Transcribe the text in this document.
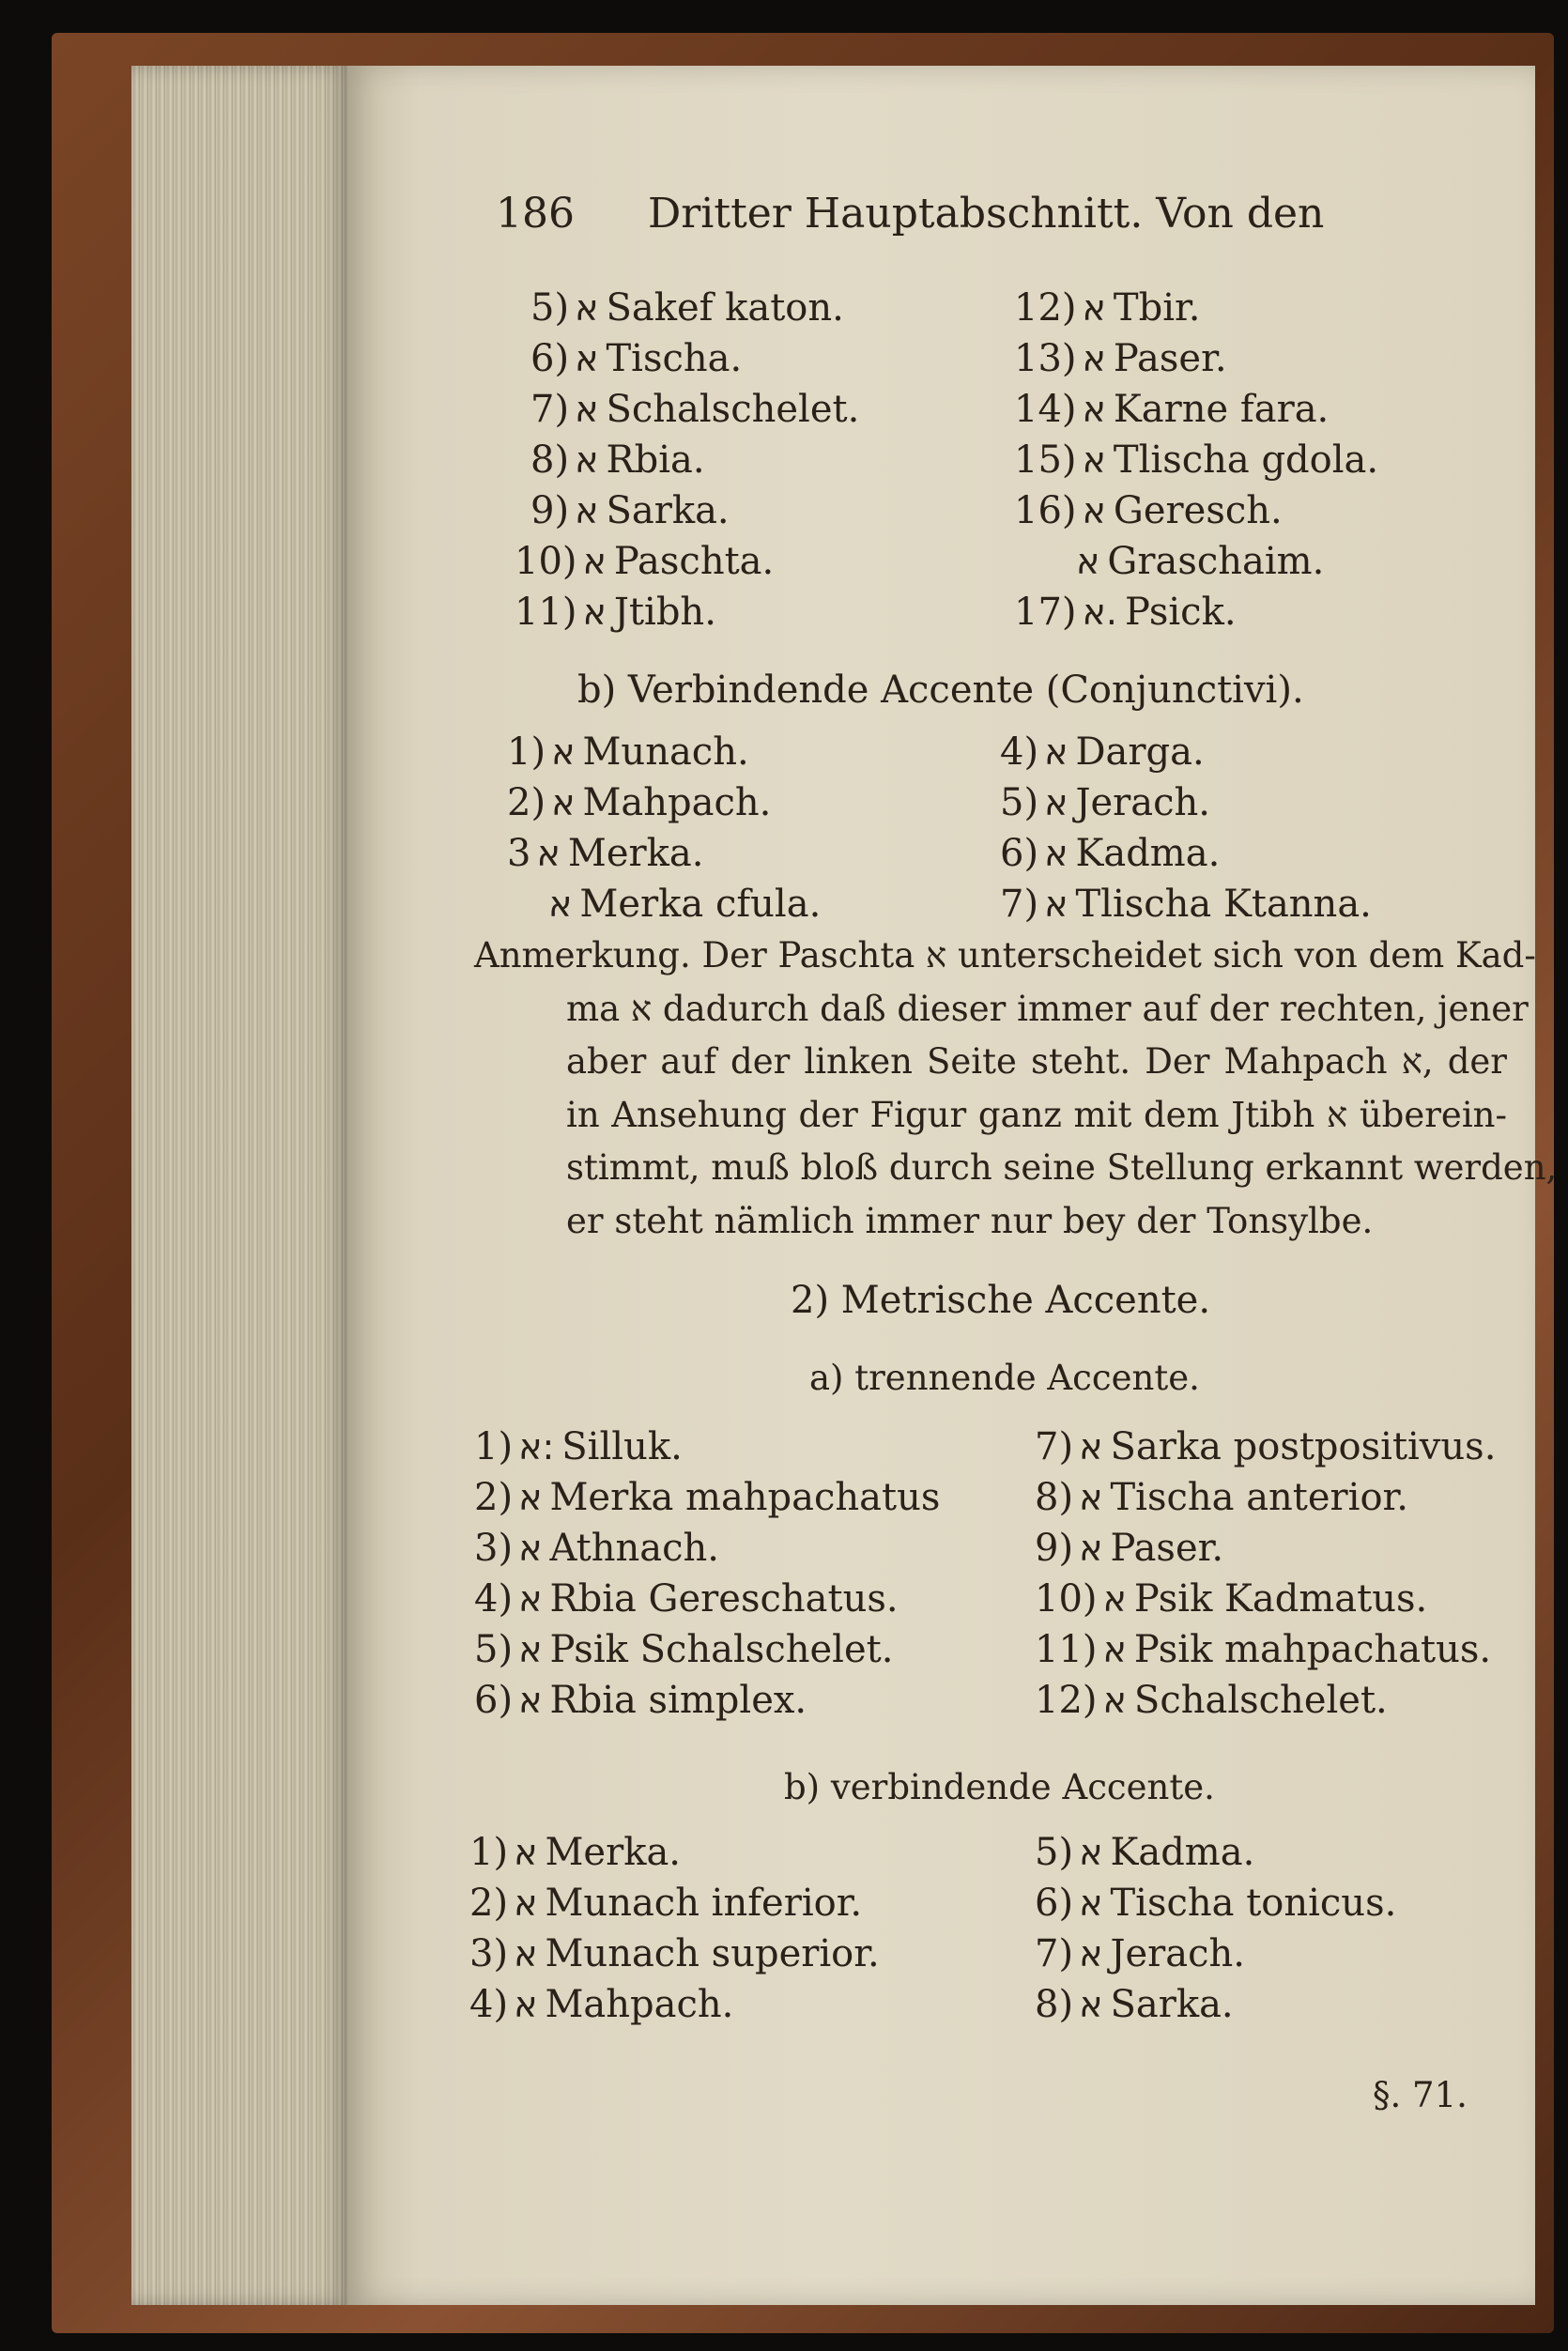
186 Dritter Hauptabschnitt. Von den
5) א Sakef katon.
6) א Tischa.
7) א Schalschelet.
8) א Rbia.
9) א Sarka.
10) א Paschta.
11) א Jtibh.
12) א Tbir.
13) א Paser.
14) א Karne fara.
15) א Tlischa gdola.
16) א Geresch.
א Graschaim.
17) א. Psick.
b) Verbindende Accente (Conjunctivi).
1) א Munach.
2) א Mahpach.
3 א Merka.
א Merka cfula.
4) א Darga.
5) א Jerach.
6) א Kadma.
7) א Tlischa Ktanna.
Anmerkung. Der Paschta א unterscheidet sich von dem Kad-
ma א dadurch daß dieser immer auf der rechten, jener
aber auf der linken Seite steht. Der Mahpach א, der
in Ansehung der Figur ganz mit dem Jtibh א überein-
stimmt, muß bloß durch seine Stellung erkannt werden,
er steht nämlich immer nur bey der Tonsylbe.
2) Metrische Accente.
a) trennende Accente.
1) א: Silluk.
2) א Merka mahpachatus
3) א Athnach.
4) א Rbia Gereschatus.
5) א Psik Schalschelet.
6) א Rbia simplex.
7) א Sarka postpositivus.
8) א Tischa anterior.
9) א Paser.
10) א Psik Kadmatus.
11) א Psik mahpachatus.
12) א Schalschelet.
b) verbindende Accente.
1) א Merka.
2) א Munach inferior.
3) א Munach superior.
4) א Mahpach.
5) א Kadma.
6) א Tischa tonicus.
7) א Jerach.
8) א Sarka.
§. 71.
